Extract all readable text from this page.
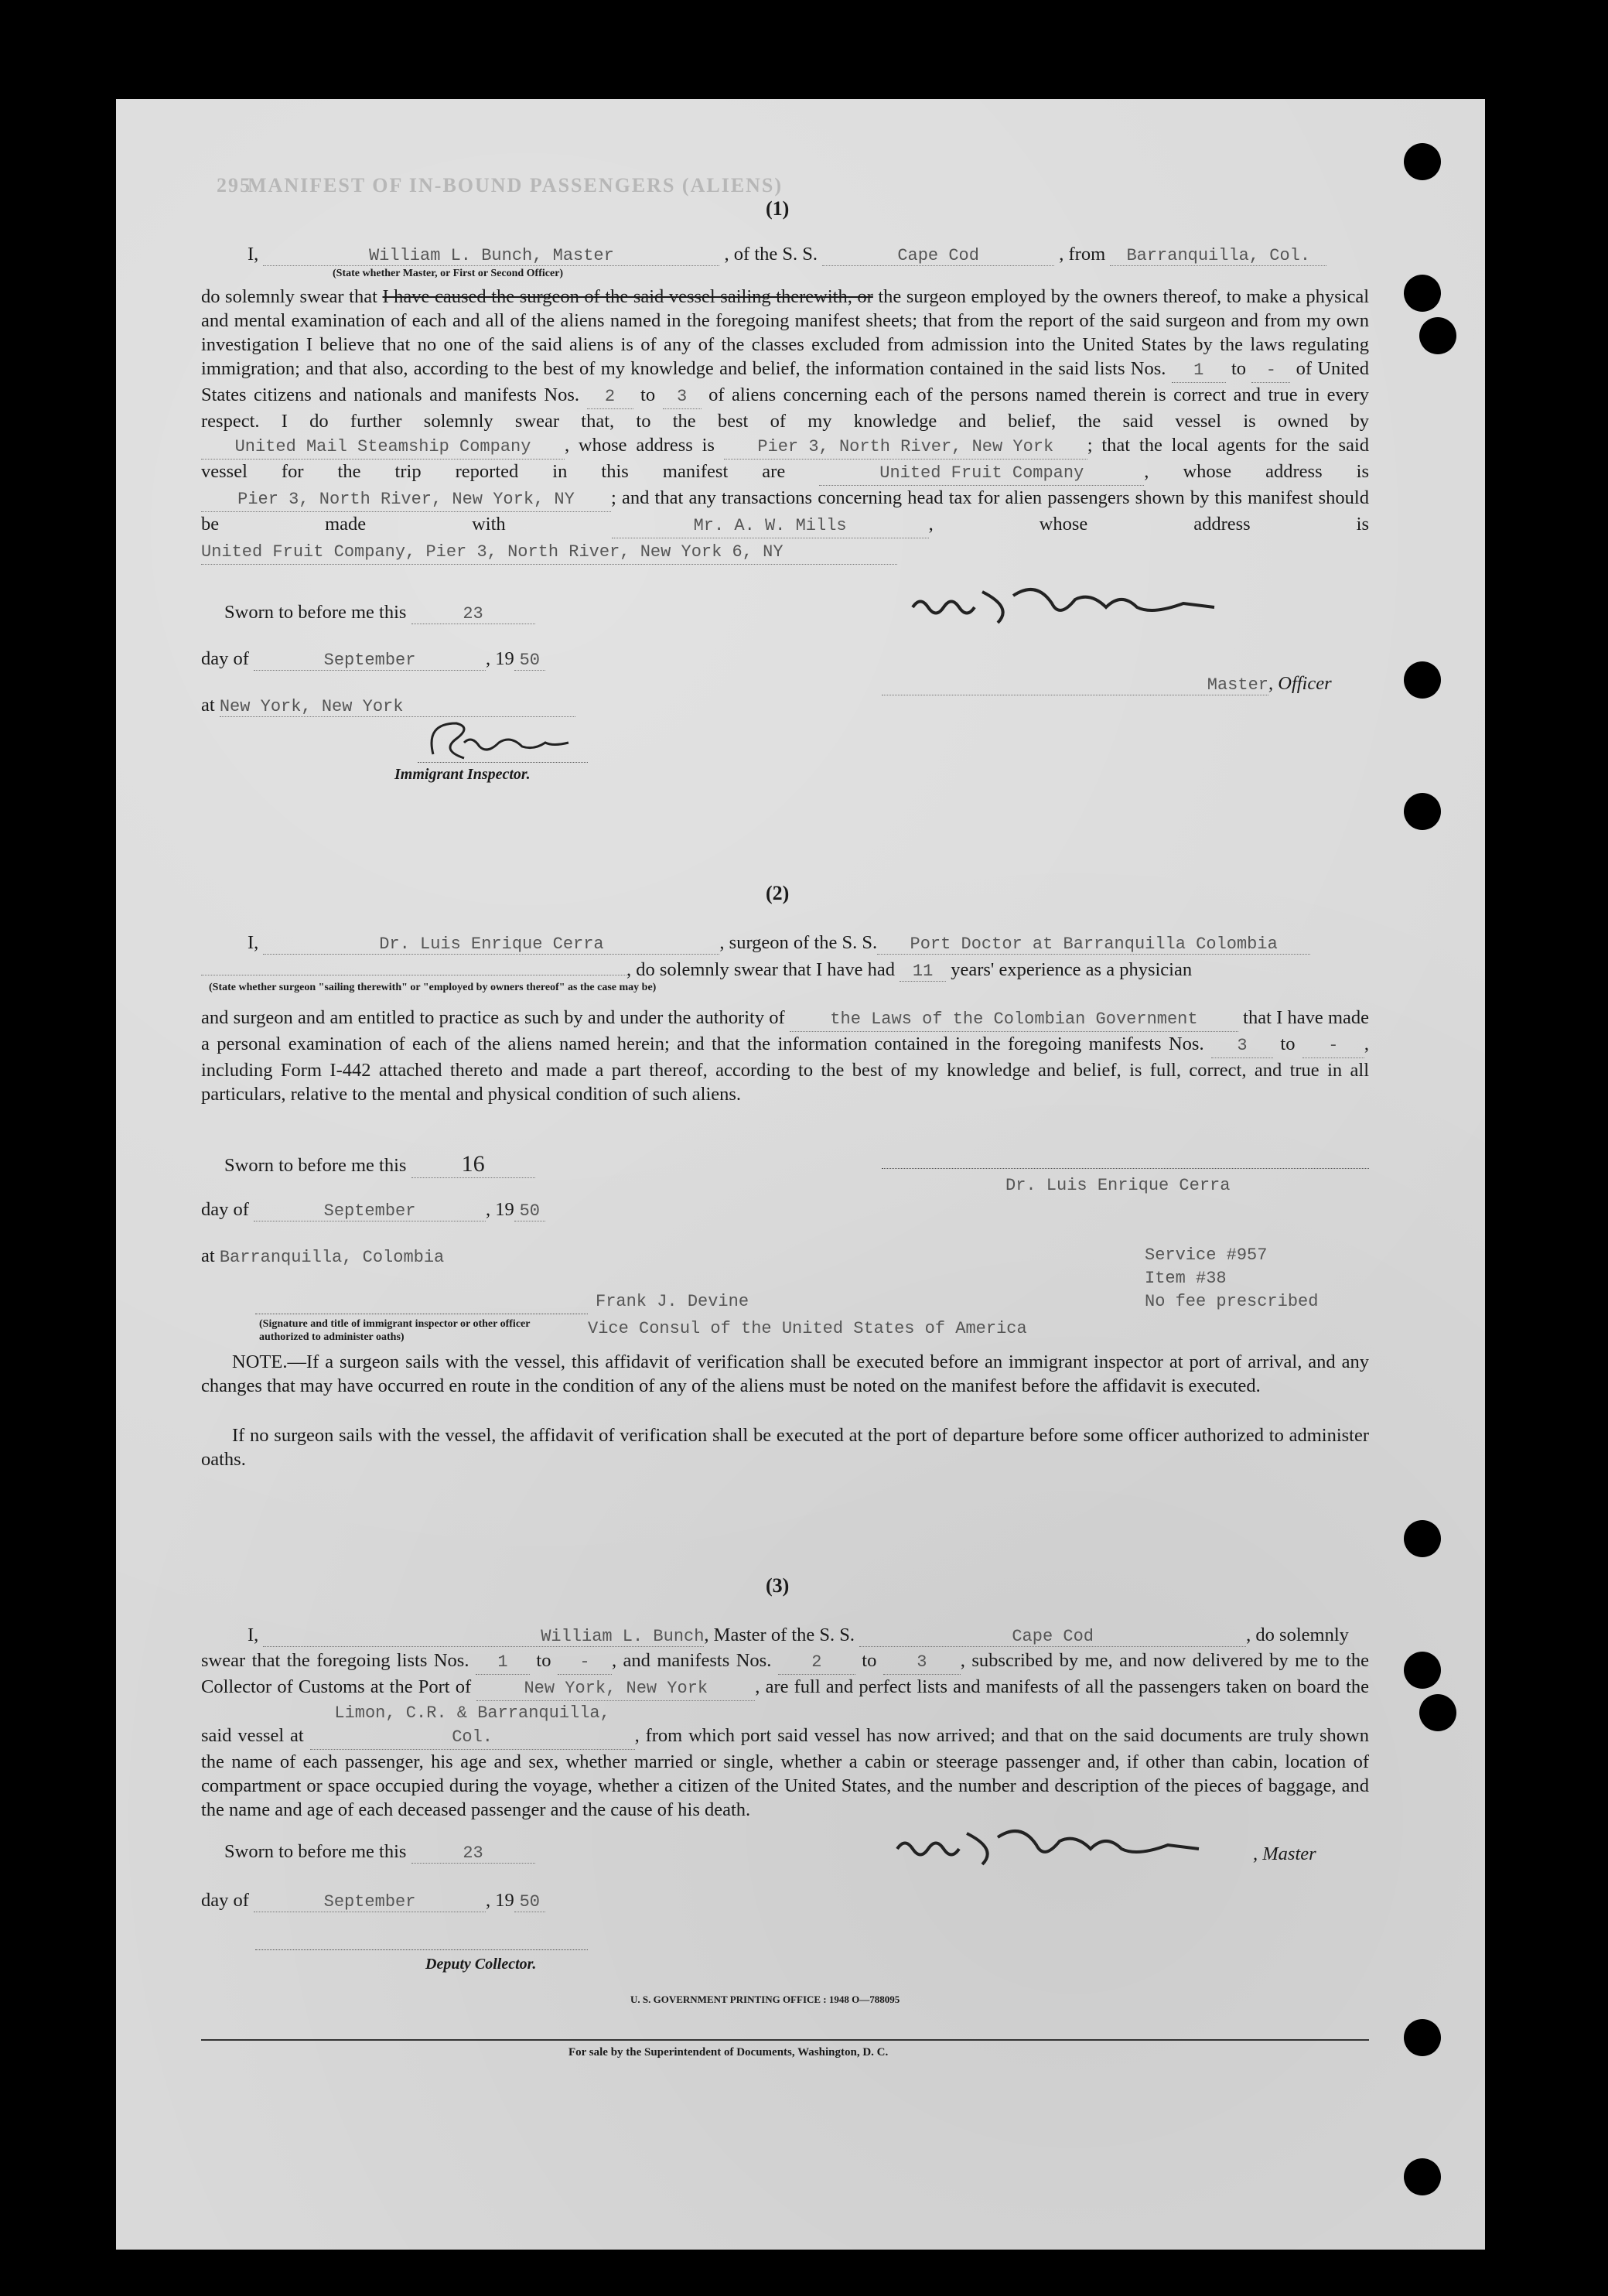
MANIFEST OF IN-BOUND PASSENGERS (ALIENS)
295
(1)
I,	William L. Bunch, Master	, of the S. S.	Cape Cod	, from Barranquilla, Col.
(State whether Master, or First or Second Officer)
do solemnly swear that I have caused the surgeon of the said vessel sailing therewith, or the surgeon employed by the owners thereof, to make a physical and mental examination of each and all of the aliens named in the foregoing manifest sheets; that from the report of the said surgeon and from my own investigation I believe that no one of the said aliens is of any of the classes excluded from admission into the United States by the laws regulating immigration; and that also, according to the best of my knowledge and belief, the information contained in the said lists Nos. 1 to - of United States citizens and nationals and manifests Nos. 2 to 3 of aliens concerning each of the persons named therein is correct and true in every respect. I do further solemnly swear that, to the best of my knowledge and belief, the said vessel is owned by United Mail Steamship Company , whose address is	Pier 3, North River, New York ; that the local agents for the said vessel for the trip reported in this manifest are	United Fruit Company	, whose address is Pier 3, North River, New York, NY ; and that any transactions concerning head tax for alien passengers shown by this manifest should be made with	Mr. A. W. Mills	, whose address is United Fruit Company, Pier 3, North River, New York 6, NY
Sworn to before me this	23
day of	September	, 19 50
at New York, New York
Master, Officer
Immigrant Inspector.
(2)
I,	Dr. Luis Enrique Cerra	, surgeon of the S. S. Port Doctor at Barranquilla Colombia
, do solemnly swear that I have had 11 years' experience as a physician
(State whether surgeon "sailing therewith" or "employed by owners thereof" as the case may be)
and surgeon and am entitled to practice as such by and under the authority of	the Laws of the Colombian Government that I have made a personal examination of each of the aliens named herein; and that the information contained in the foregoing manifests Nos. 3 to - , including Form I-442 attached thereto and made a part thereof, according to the best of my knowledge and belief, is full, correct, and true in all particulars, relative to the mental and physical condition of such aliens.
Sworn to before me this 16
Dr. Luis Enrique Cerra
day of	September	, 19 50
at Barranquilla, Colombia	Service #957
Item #38
No fee prescribed
Frank J. Devine
(Signature and title of immigrant inspector or other officer authorized to administer oaths)	Vice Consul of the United States of America
NOTE.—If a surgeon sails with the vessel, this affidavit of verification shall be executed before an immigrant inspector at port of arrival, and any changes that may have occurred en route in the condition of any of the aliens must be noted on the manifest before the affidavit is executed.
If no surgeon sails with the vessel, the affidavit of verification shall be executed at the port of departure before some officer authorized to administer oaths.
(3)
I,	William L. Bunch, Master of the S. S.	Cape Cod	, do solemnly
swear that the foregoing lists Nos. 1 to - , and manifests Nos. 2 to 3 , subscribed by me, and now delivered by me to the Collector of Customs at the Port of	New York, New York , are full and perfect lists and manifests of all the passengers taken on board the said vessel at Limon, C.R. & Barranquilla, Col.	, from which port said vessel has now arrived; and that on the said documents are truly shown the name of each passenger, his age and sex, whether married or single, whether a cabin or steerage passenger and, if other than cabin, location of compartment or space occupied during the voyage, whether a citizen of the United States, and the number and description of the pieces of baggage, and the name and age of each deceased passenger and the cause of his death.
Sworn to before me this	23	, Master
day of	September	, 19 50
Deputy Collector.
U. S. GOVERNMENT PRINTING OFFICE : 1948 O—788095
For sale by the Superintendent of Documents, Washington, D. C.
